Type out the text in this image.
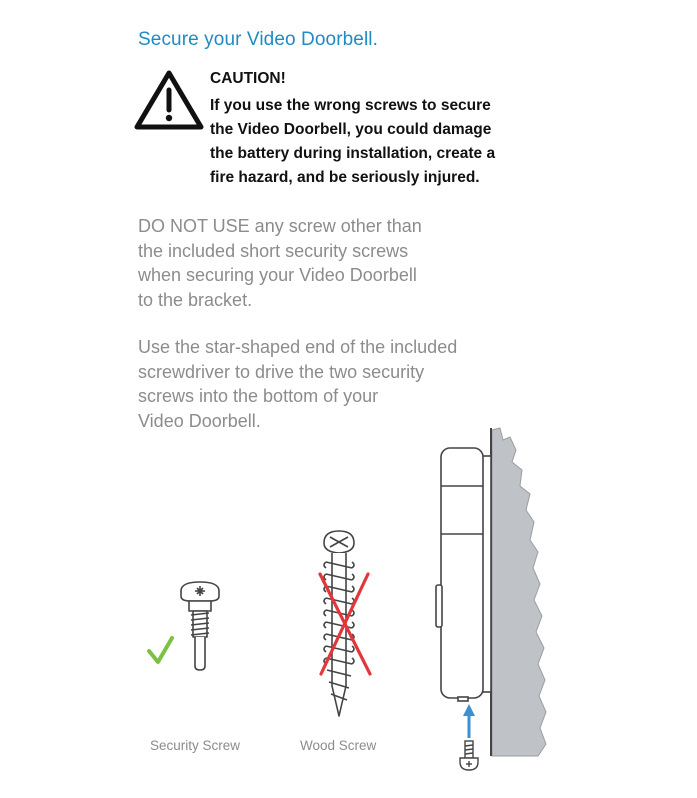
Secure your Video Doorbell.
CAUTION!
If you use the wrong screws to secure
the Video Doorbell, you could damage
the battery during installation, create a
fire hazard, and be seriously injured.
DO NOT USE any screw other than
the included short security screws
when securing your Video Doorbell
to the bracket.
Use the star-shaped end of the included
screwdriver to drive the two security
screws into the bottom of your
Video Doorbell.
Security Screw	Wood Screw
